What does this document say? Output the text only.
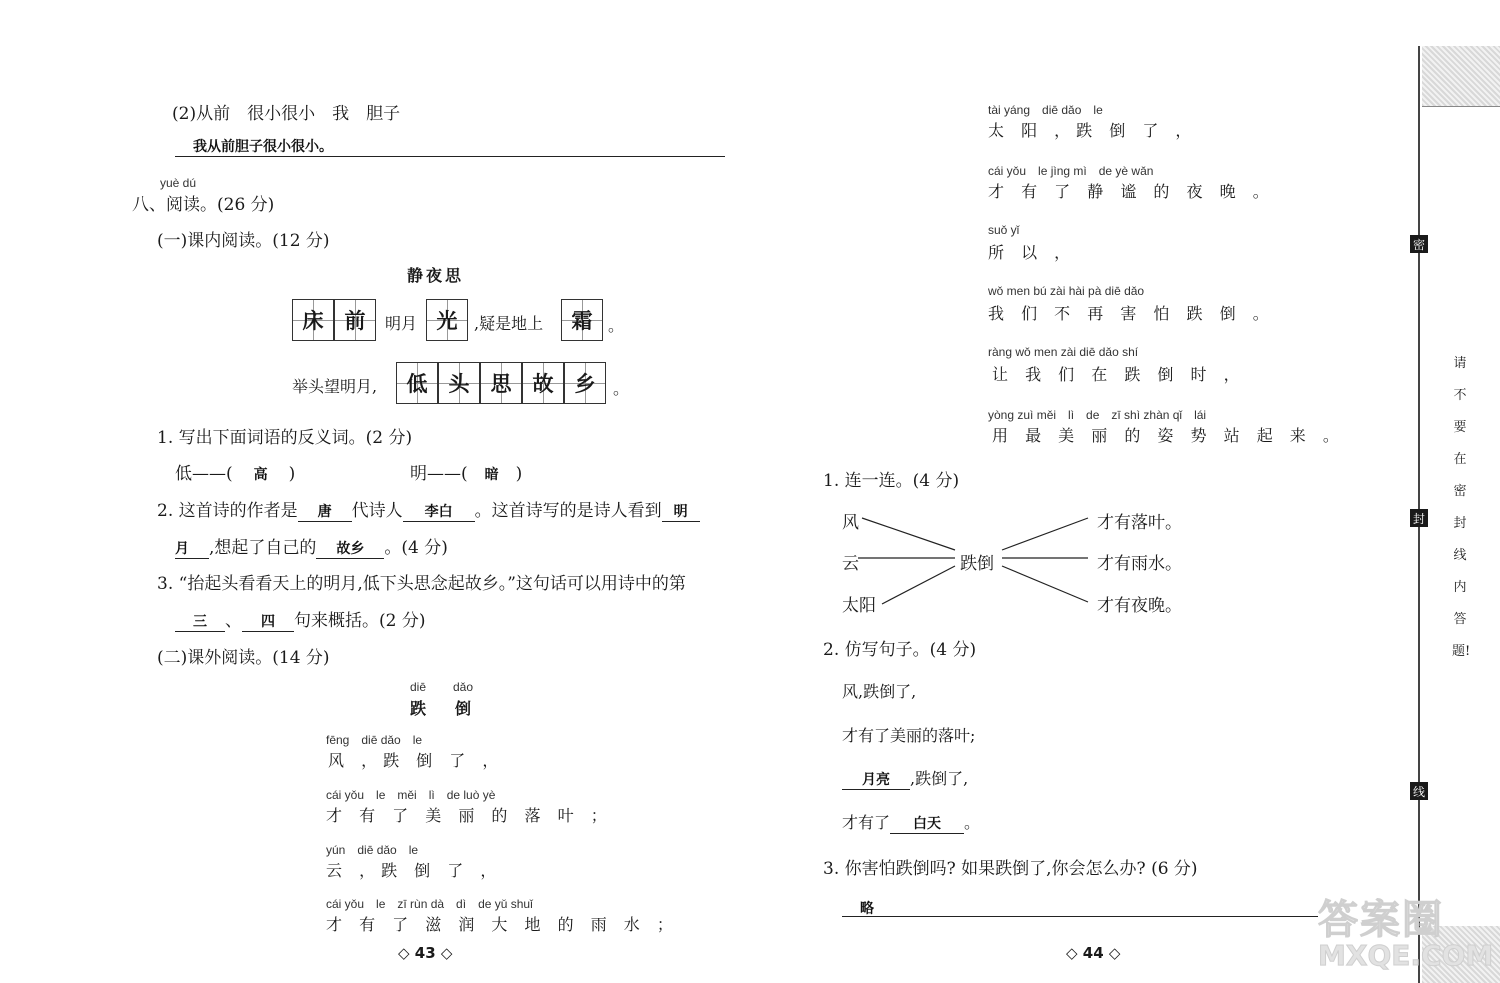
(2)从前　很小很小　我　胆子
我从前胆子很小很小。
yuè dú
八、阅读。(26 分)
(一)课内阅读。(12 分)
静夜思
床	前	明月 光	,疑是地上	霜 。
举头望明月,	低	头	思	故	乡	。
1. 写出下面词语的反义词。(2 分)
低——( 高 )	明——( 暗 )
2. 这首诗的作者是 唐 代诗人 李白 。这首诗写的是诗人看到 明
月 ,想起了自己的 故乡 。(4 分)
3. “抬起头看看天上的明月,低下头思念起故乡。”这句话可以用诗中的第
三 、 四 句来概括。(2 分)
(二)课外阅读。(14 分)
diē dǎo
跌 倒
fēng　diē dǎo　le
风 ，跌 倒 了 ，
cái yǒu　le　měi　lì　de luò yè
才 有 了 美 丽 的 落 叶 ；
yún　diē dǎo　le
云 ，跌 倒 了 ，
cái yǒu　le　zī rùn dà　dì　de yǔ shuǐ
才 有 了 滋 润 大 地 的 雨 水 ；
◇ 43 ◇
tài yáng　diē dǎo　le
太 阳 ，跌 倒 了 ，
cái yǒu　le jìng mì　de yè wǎn
才 有 了 静 谧 的 夜 晚 。
suǒ yǐ
所 以 ，
wǒ men bú zài hài pà diē dǎo
我 们 不 再 害 怕 跌 倒 。
ràng wǒ men zài diē dǎo shí
让 我 们 在 跌 倒 时 ，
yòng zuì měi　lì　de　zī shì zhàn qǐ　lái
用 最 美 丽 的 姿 势 站 起 来 。
1. 连一连。(4 分)
风
云
太阳
跌倒
才有落叶。
才有雨水。
才有夜晚。
2. 仿写句子。(4 分)
风,跌倒了,
才有了美丽的落叶;
月亮 ,跌倒了,
才有了 白天 。
3. 你害怕跌倒吗? 如果跌倒了,你会怎么办? (6 分)
略
◇ 44 ◇
密
封
线
请不要在密封线内答题!
答案圈
MXQE.COM
